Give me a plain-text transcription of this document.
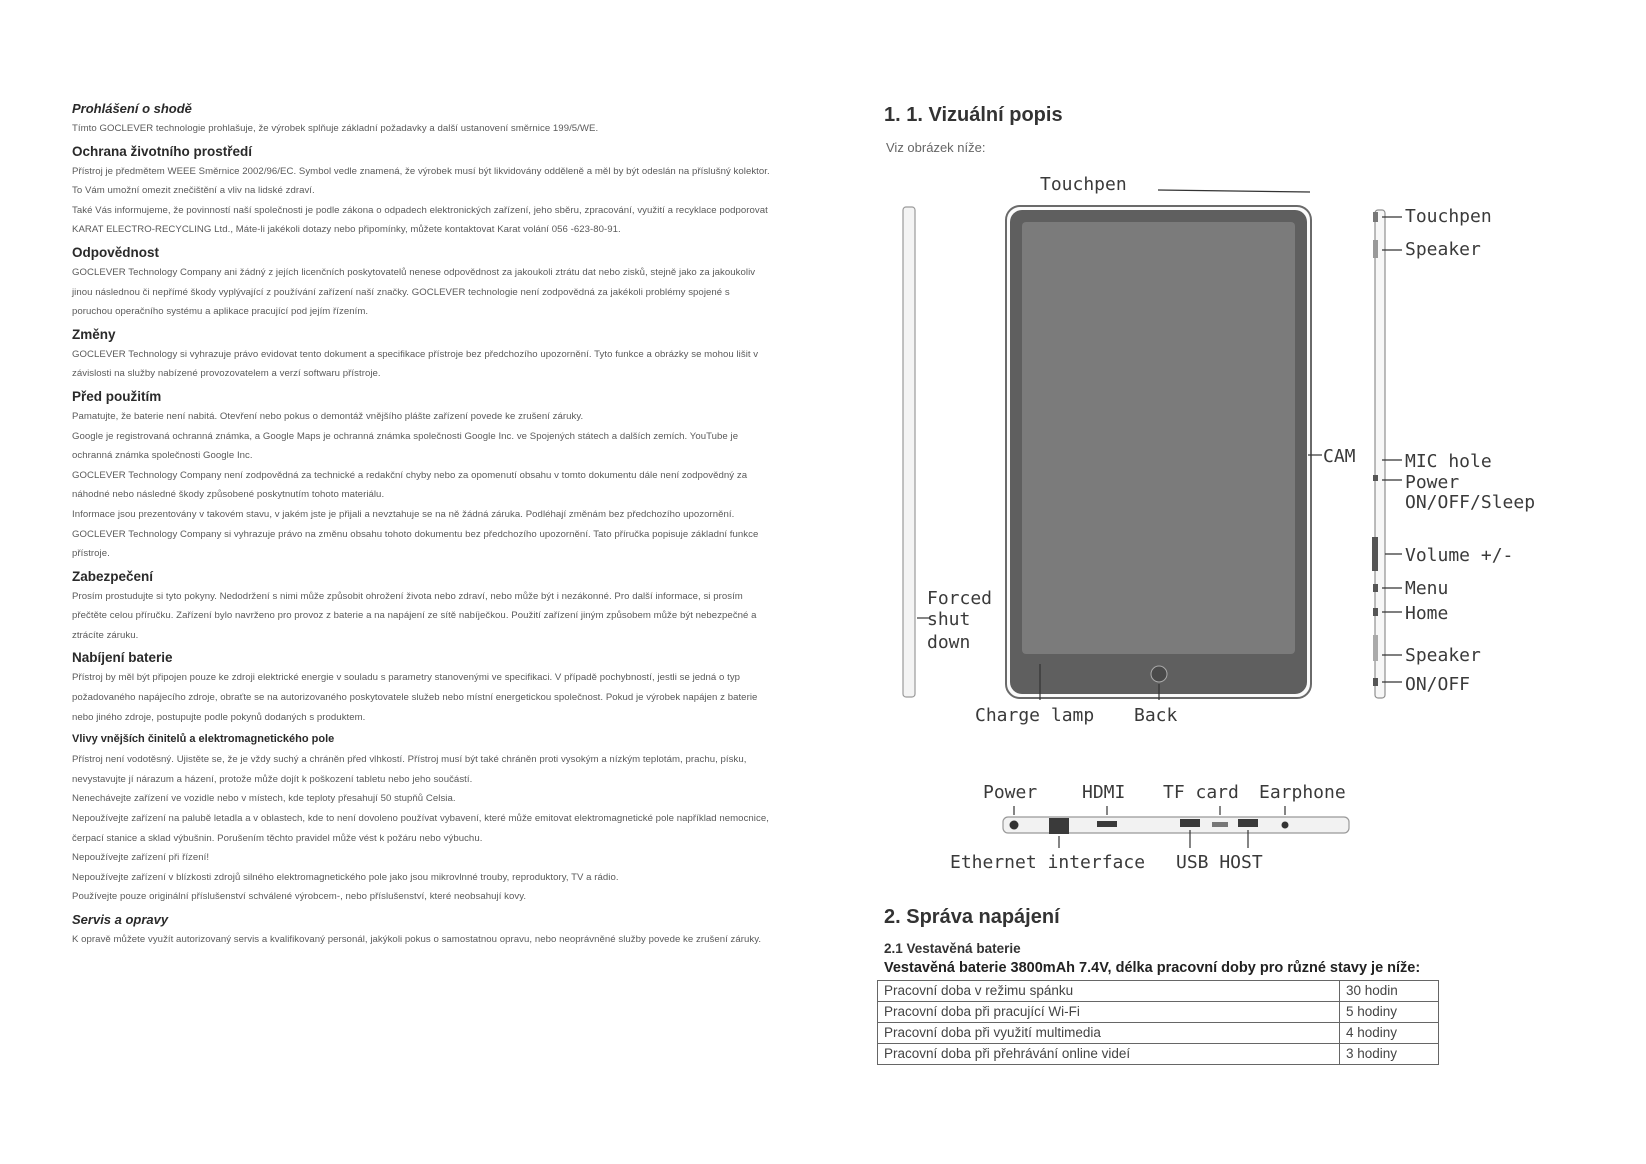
Prohlášení o shodě
Tímto GOCLEVER technologie prohlašuje, že výrobek splňuje základní požadavky a další ustanovení směrnice 199/5/WE.
Ochrana životního prostředí
Přístroj je předmětem WEEE Směrnice 2002/96/EC. Symbol vedle znamená, že výrobek musí být likvidovány odděleně a měl by být odeslán na příslušný kolektor. To Vám umožní omezit znečištění a vliv na lidské zdraví.
Také Vás informujeme, že povinností naší společnosti je podle zákona o odpadech elektronických zařízení, jeho sběru, zpracování, využití a recyklace podporovat KARAT ELECTRO-RECYCLING Ltd., Máte-li jakékoli dotazy nebo připomínky, můžete kontaktovat Karat volání 056 -623-80-91.
Odpovědnost
GOCLEVER Technology Company ani žádný z jejích licenčních poskytovatelů nenese odpovědnost za jakoukoli ztrátu dat nebo zisků, stejně jako za jakoukoliv jinou následnou či nepřímé škody vyplývající z používání zařízení naší značky. GOCLEVER technologie není zodpovědná za jakékoli problémy spojené s poruchou operačního systému a aplikace pracující pod jejím řízením.
Změny
GOCLEVER Technology si vyhrazuje právo evidovat tento dokument a specifikace přístroje bez předchozího upozornění. Tyto funkce a obrázky se mohou lišit v závislosti na služby nabízené provozovatelem a verzí softwaru přístroje.
Před použitím
Pamatujte, že baterie není nabitá. Otevření nebo pokus o demontáž vnějšího plášte zařízení povede ke zrušení záruky.
Google je registrovaná ochranná známka, a Google Maps je ochranná známka společnosti Google Inc. ve Spojených státech a dalších zemích. YouTube je ochranná známka společnosti Google Inc.
GOCLEVER Technology Company není zodpovědná za technické a redakční chyby nebo za opomenutí obsahu v tomto dokumentu dále není zodpovědný za náhodné nebo následné škody způsobené poskytnutím tohoto materiálu.
Informace jsou prezentovány v takovém stavu, v jakém jste je přijali a nevztahuje se na ně žádná záruka. Podléhají změnám bez předchozího upozornění. GOCLEVER Technology Company si vyhrazuje právo na změnu obsahu tohoto dokumentu bez předchozího upozornění. Tato příručka popisuje základní funkce přístroje.
Zabezpečení
Prosím prostudujte si tyto pokyny. Nedodržení s nimi může způsobit ohrožení života nebo zdraví, nebo může být i nezákonné. Pro další informace, si prosím přečtěte celou příručku. Zařízení bylo navrženo pro provoz z baterie a na napájení ze sítě nabíječkou. Použití zařízení jiným způsobem může být nebezpečné a ztrácíte záruku.
Nabíjení baterie
Přístroj by měl být připojen pouze ke zdroji elektrické energie v souladu s parametry stanovenými ve specifikaci. V případě pochybností, jestli se jedná o typ požadovaného napájecího zdroje, obraťte se na autorizovaného poskytovatele služeb nebo místní energetickou společnost. Pokud je výrobek napájen z baterie nebo jiného zdroje, postupujte podle pokynů dodaných s produktem.
Vlivy vnějších činitelů a elektromagnetického pole
Přístroj není vodotěsný. Ujistěte se, že je vždy suchý a chráněn před vlhkostí. Přístroj musí být také chráněn proti vysokým a nízkým teplotám, prachu, písku, nevystavujte jí nárazum a házení, protože může dojít k poškození tabletu nebo jeho součástí.
Nenechávejte zařízení ve vozidle nebo v místech, kde teploty přesahují 50 stupňů Celsia.
Nepoužívejte zařízení na palubě letadla a v oblastech, kde to není dovoleno používat vybavení, které může emitovat elektromagnetické pole například nemocnice, čerpací stanice a sklad výbušnin. Porušením těchto pravidel může vést k požáru nebo výbuchu.
Nepoužívejte zařízení při řízení!
Nepoužívejte zařízení v blízkosti zdrojů silného elektromagnetického pole jako jsou mikrovlnné trouby, reproduktory, TV a rádio.
Používejte pouze originální příslušenství schválené výrobcem-, nebo příslušenství, které neobsahují kovy.
Servis a opravy
K opravě můžete využít autorizovaný servis a kvalifikovaný personál, jakýkoli pokus o samostatnou opravu, nebo neoprávněné služby povede ke zrušení záruky.
1. 1. Vizuální popis
Viz obrázek níže:
Touchpen
Touchpen
Speaker
CAM	MIC hole
Power
ON/OFF/Sleep
Volume +/-
Menu
Home
Speaker
ON/OFF
Forced
shut
down
Charge lamp Back
Power HDMI TF card Earphone
Ethernet interface USB HOST
2. Správa napájení
2.1 Vestavěná baterie
Vestavěná baterie 3800mAh 7.4V, délka pracovní doby pro různé stavy je níže:
Pracovní doba v režimu spánku	30 hodin
Pracovní doba při pracující Wi-Fi	5 hodiny
Pracovní doba při využití multimedia	4 hodiny
Pracovní doba při přehrávání online videí	3 hodiny
